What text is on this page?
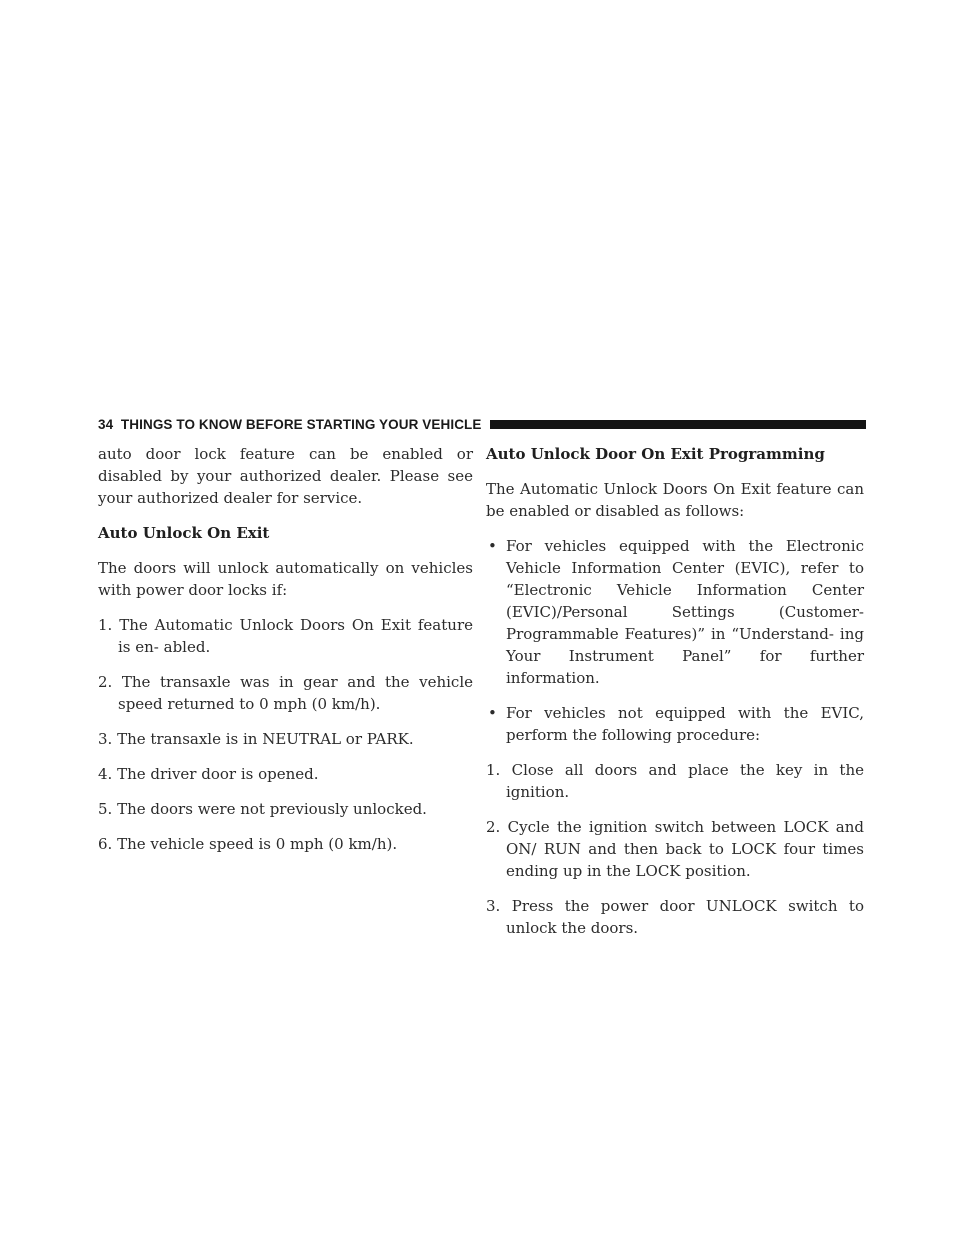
34 THINGS TO KNOW BEFORE STARTING YOUR VEHICLE

auto door lock feature can be enabled or disabled by your authorized dealer. Please see your authorized dealer for service.

Auto Unlock On Exit

The doors will unlock automatically on vehicles with power door locks if:

1. The Automatic Unlock Doors On Exit feature is en- abled.
2. The transaxle was in gear and the vehicle speed returned to 0 mph (0 km/h).
3. The transaxle is in NEUTRAL or PARK.
4. The driver door is opened.
5. The doors were not previously unlocked.
6. The vehicle speed is 0 mph (0 km/h).
Auto Unlock Door On Exit Programming

The Automatic Unlock Doors On Exit feature can be enabled or disabled as follows:

• For vehicles equipped with the Electronic Vehicle Information Center (EVIC), refer to “Electronic Vehicle Information Center (EVIC)/Personal Settings (Customer-Programmable Features)” in “Understand- ing Your Instrument Panel” for further information.
• For vehicles not equipped with the EVIC, perform the following procedure:
1. Close all doors and place the key in the ignition.
2. Cycle the ignition switch between LOCK and ON/ RUN and then back to LOCK four times ending up in the LOCK position.
3. Press the power door UNLOCK switch to unlock the doors.
